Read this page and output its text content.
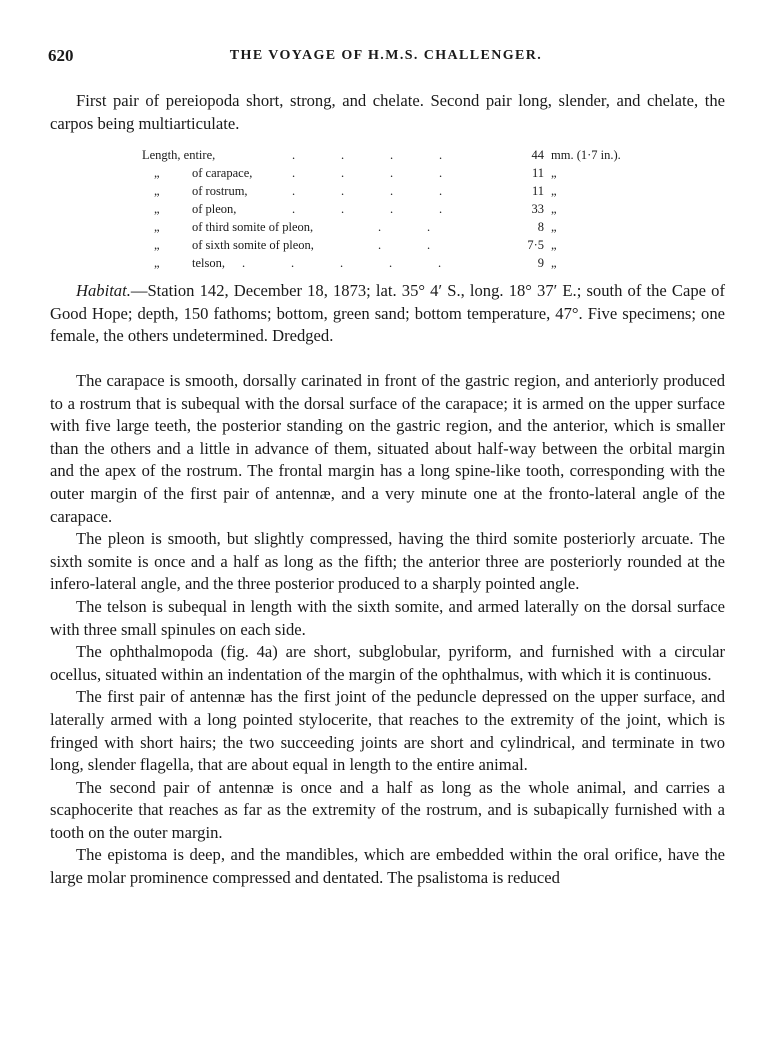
620	THE VOYAGE OF H.M.S. CHALLENGER.

First pair of pereiopoda short, strong, and chelate. Second pair long, slender, and chelate, the carpos being multiarticulate.

Length, entire,	.	.	.	.	44 mm. (1·7 in.).
„	of carapace,	.	.	.	.	11 „
„	of rostrum,	.	.	.	.	11 „
„	of pleon,	.	.	.	.	33 „
„	of third somite of pleon,	.	.	8 „
„	of sixth somite of pleon,	.	.	7·5 „
„	telson, .	.	.	.	.	9 „

Habitat.—Station 142, December 18, 1873; lat. 35° 4′ S., long. 18° 37′ E.; south of the Cape of Good Hope; depth, 150 fathoms; bottom, green sand; bottom temperature, 47°. Five specimens; one female, the others undetermined. Dredged.

The carapace is smooth, dorsally carinated in front of the gastric region, and anteriorly produced to a rostrum that is subequal with the dorsal surface of the carapace; it is armed on the upper surface with five large teeth, the posterior standing on the gastric region, and the anterior, which is smaller than the others and a little in advance of them, situated about half-way between the orbital margin and the apex of the rostrum. The frontal margin has a long spine-like tooth, corresponding with the outer margin of the first pair of antennæ, and a very minute one at the fronto-lateral angle of the carapace.

The pleon is smooth, but slightly compressed, having the third somite posteriorly arcuate. The sixth somite is once and a half as long as the fifth; the anterior three are posteriorly rounded at the infero-lateral angle, and the three posterior produced to a sharply pointed angle.

The telson is subequal in length with the sixth somite, and armed laterally on the dorsal surface with three small spinules on each side.

The ophthalmopoda (fig. 4a) are short, subglobular, pyriform, and furnished with a circular ocellus, situated within an indentation of the margin of the ophthalmus, with which it is continuous.

The first pair of antennæ has the first joint of the peduncle depressed on the upper surface, and laterally armed with a long pointed stylocerite, that reaches to the extremity of the joint, which is fringed with short hairs; the two succeeding joints are short and cylindrical, and terminate in two long, slender flagella, that are about equal in length to the entire animal.

The second pair of antennæ is once and a half as long as the whole animal, and carries a scaphocerite that reaches as far as the extremity of the rostrum, and is subapically furnished with a tooth on the outer margin.

The epistoma is deep, and the mandibles, which are embedded within the oral orifice, have the large molar prominence compressed and dentated. The psalistoma is reduced
